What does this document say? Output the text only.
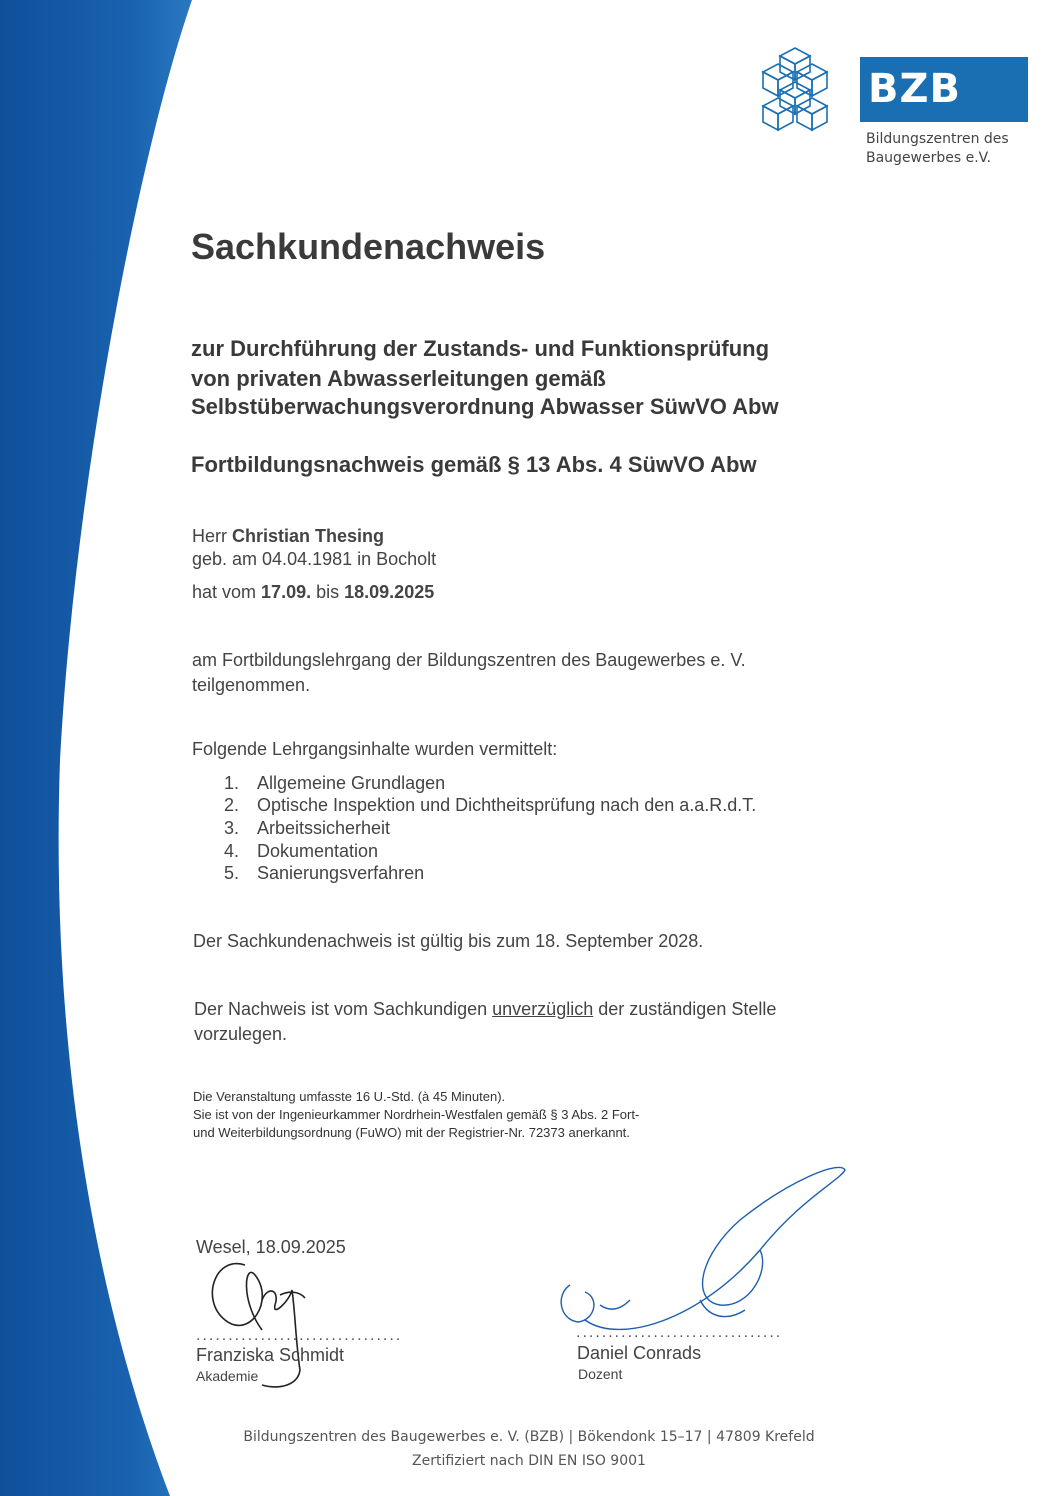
BZB
Bildungszentren des
Baugewerbes e.V.
Sachkundenachweis
zur Durchführung der Zustands- und Funktionsprüfung
von privaten Abwasserleitungen gemäß
Selbstüberwachungsverordnung Abwasser SüwVO Abw
Fortbildungsnachweis gemäß § 13 Abs. 4 SüwVO Abw
Herr Christian Thesing
geb. am 04.04.1981 in Bocholt
hat vom 17.09. bis 18.09.2025
am Fortbildungslehrgang der Bildungszentren des Baugewerbes e. V.
teilgenommen.
Folgende Lehrgangsinhalte wurden vermittelt:
1. Allgemeine Grundlagen
2. Optische Inspektion und Dichtheitsprüfung nach den a.a.R.d.T.
3. Arbeitssicherheit
4. Dokumentation
5. Sanierungsverfahren
Der Sachkundenachweis ist gültig bis zum 18. September 2028.
Der Nachweis ist vom Sachkundigen unverzüglich der zuständigen Stelle
vorzulegen.
Die Veranstaltung umfasste 16 U.-Std. (à 45 Minuten).
Sie ist von der Ingenieurkammer Nordrhein-Westfalen gemäß § 3 Abs. 2 Fort-
und Weiterbildungsordnung (FuWO) mit der Registrier-Nr. 72373 anerkannt.
Wesel, 18.09.2025
................................	................................
Franziska Schmidt
Akademie
Daniel Conrads
Dozent
Bildungszentren des Baugewerbes e. V. (BZB) | Bökendonk 15–17 | 47809 Krefeld
Zertifiziert nach DIN EN ISO 9001
